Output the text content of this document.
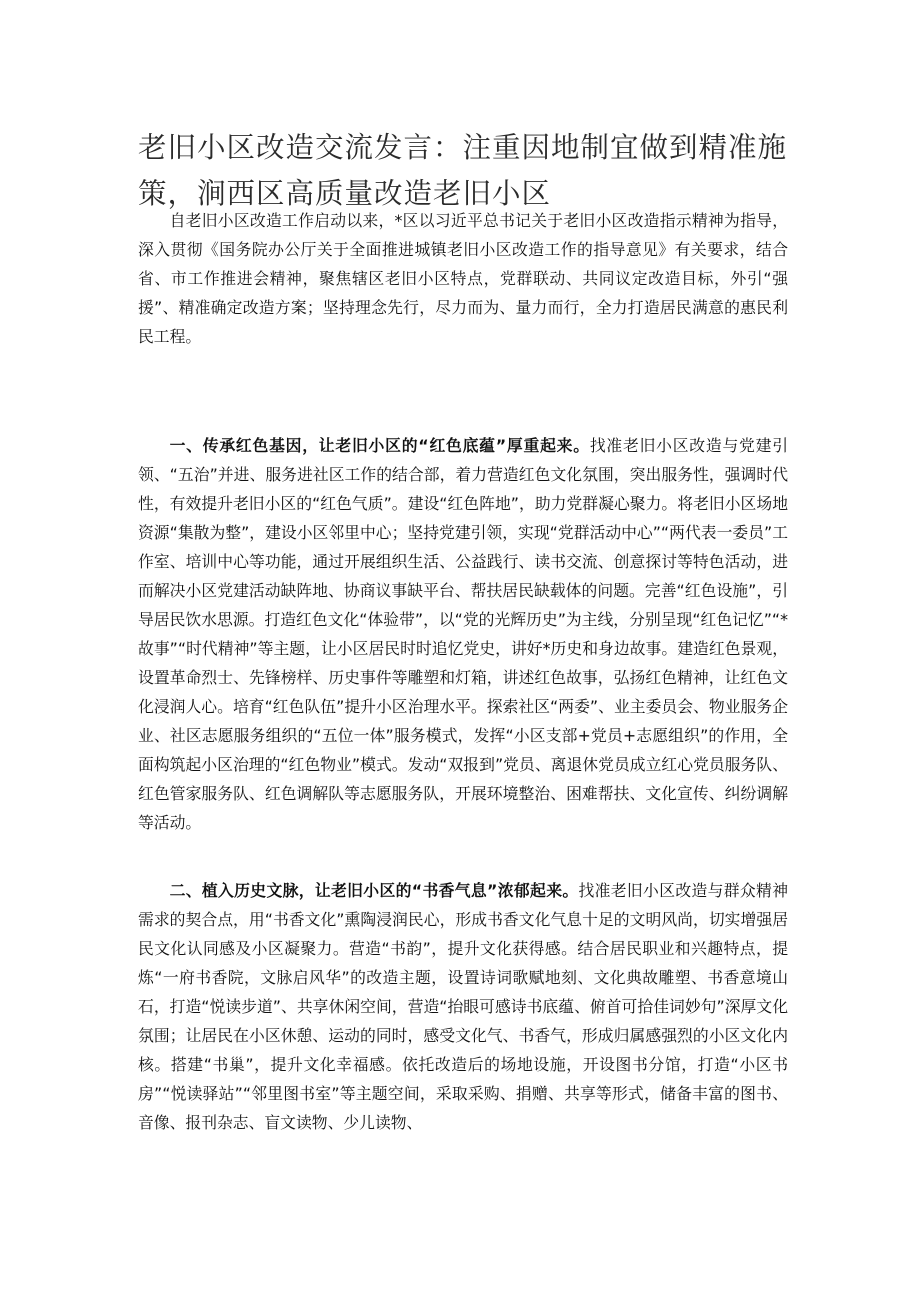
老旧小区改造交流发言：注重因地制宜做到精准施策，涧西区高质量改造老旧小区

自老旧小区改造工作启动以来，*区以习近平总书记关于老旧小区改造指示精神为指导，深入贯彻《国务院办公厅关于全面推进城镇老旧小区改造工作的指导意见》有关要求，结合省、市工作推进会精神，聚焦辖区老旧小区特点，党群联动、共同议定改造目标，外引“强援”、精准确定改造方案；坚持理念先行，尽力而为、量力而行，全力打造居民满意的惠民利民工程。

一、传承红色基因，让老旧小区的“红色底蕴”厚重起来。找准老旧小区改造与党建引领、“五治”并进、服务进社区工作的结合部，着力营造红色文化氛围，突出服务性，强调时代性，有效提升老旧小区的“红色气质”。建设“红色阵地”，助力党群凝心聚力。将老旧小区场地资源“集散为整”，建设小区邻里中心；坚持党建引领，实现“党群活动中心”“两代表一委员”工作室、培训中心等功能，通过开展组织生活、公益践行、读书交流、创意探讨等特色活动，进而解决小区党建活动缺阵地、协商议事缺平台、帮扶居民缺载体的问题。完善“红色设施”，引导居民饮水思源。打造红色文化“体验带”，以“党的光辉历史”为主线，分别呈现“红色记忆”“*故事”“时代精神”等主题，让小区居民时时追忆党史，讲好*历史和身边故事。建造红色景观，设置革命烈士、先锋榜样、历史事件等雕塑和灯箱，讲述红色故事，弘扬红色精神，让红色文化浸润人心。培育“红色队伍”提升小区治理水平。探索社区“两委”、业主委员会、物业服务企业、社区志愿服务组织的“五位一体”服务模式，发挥“小区支部+党员+志愿组织”的作用，全面构筑起小区治理的“红色物业”模式。发动“双报到”党员、离退休党员成立红心党员服务队、红色管家服务队、红色调解队等志愿服务队，开展环境整治、困难帮扶、文化宣传、纠纷调解等活动。

二、植入历史文脉，让老旧小区的“书香气息”浓郁起来。找准老旧小区改造与群众精神需求的契合点，用“书香文化”熏陶浸润民心，形成书香文化气息十足的文明风尚，切实增强居民文化认同感及小区凝聚力。营造“书韵”，提升文化获得感。结合居民职业和兴趣特点，提炼“一府书香院，文脉启风华”的改造主题，设置诗词歌赋地刻、文化典故雕塑、书香意境山石，打造“悦读步道”、共享休闲空间，营造“抬眼可感诗书底蕴、俯首可拾佳词妙句”深厚文化氛围；让居民在小区休憩、运动的同时，感受文化气、书香气，形成归属感强烈的小区文化内核。搭建“书巢”，提升文化幸福感。依托改造后的场地设施，开设图书分馆，打造“小区书房”“悦读驿站”“邻里图书室”等主题空间，采取采购、捐赠、共享等形式，储备丰富的图书、音像、报刊杂志、盲文读物、少儿读物、
